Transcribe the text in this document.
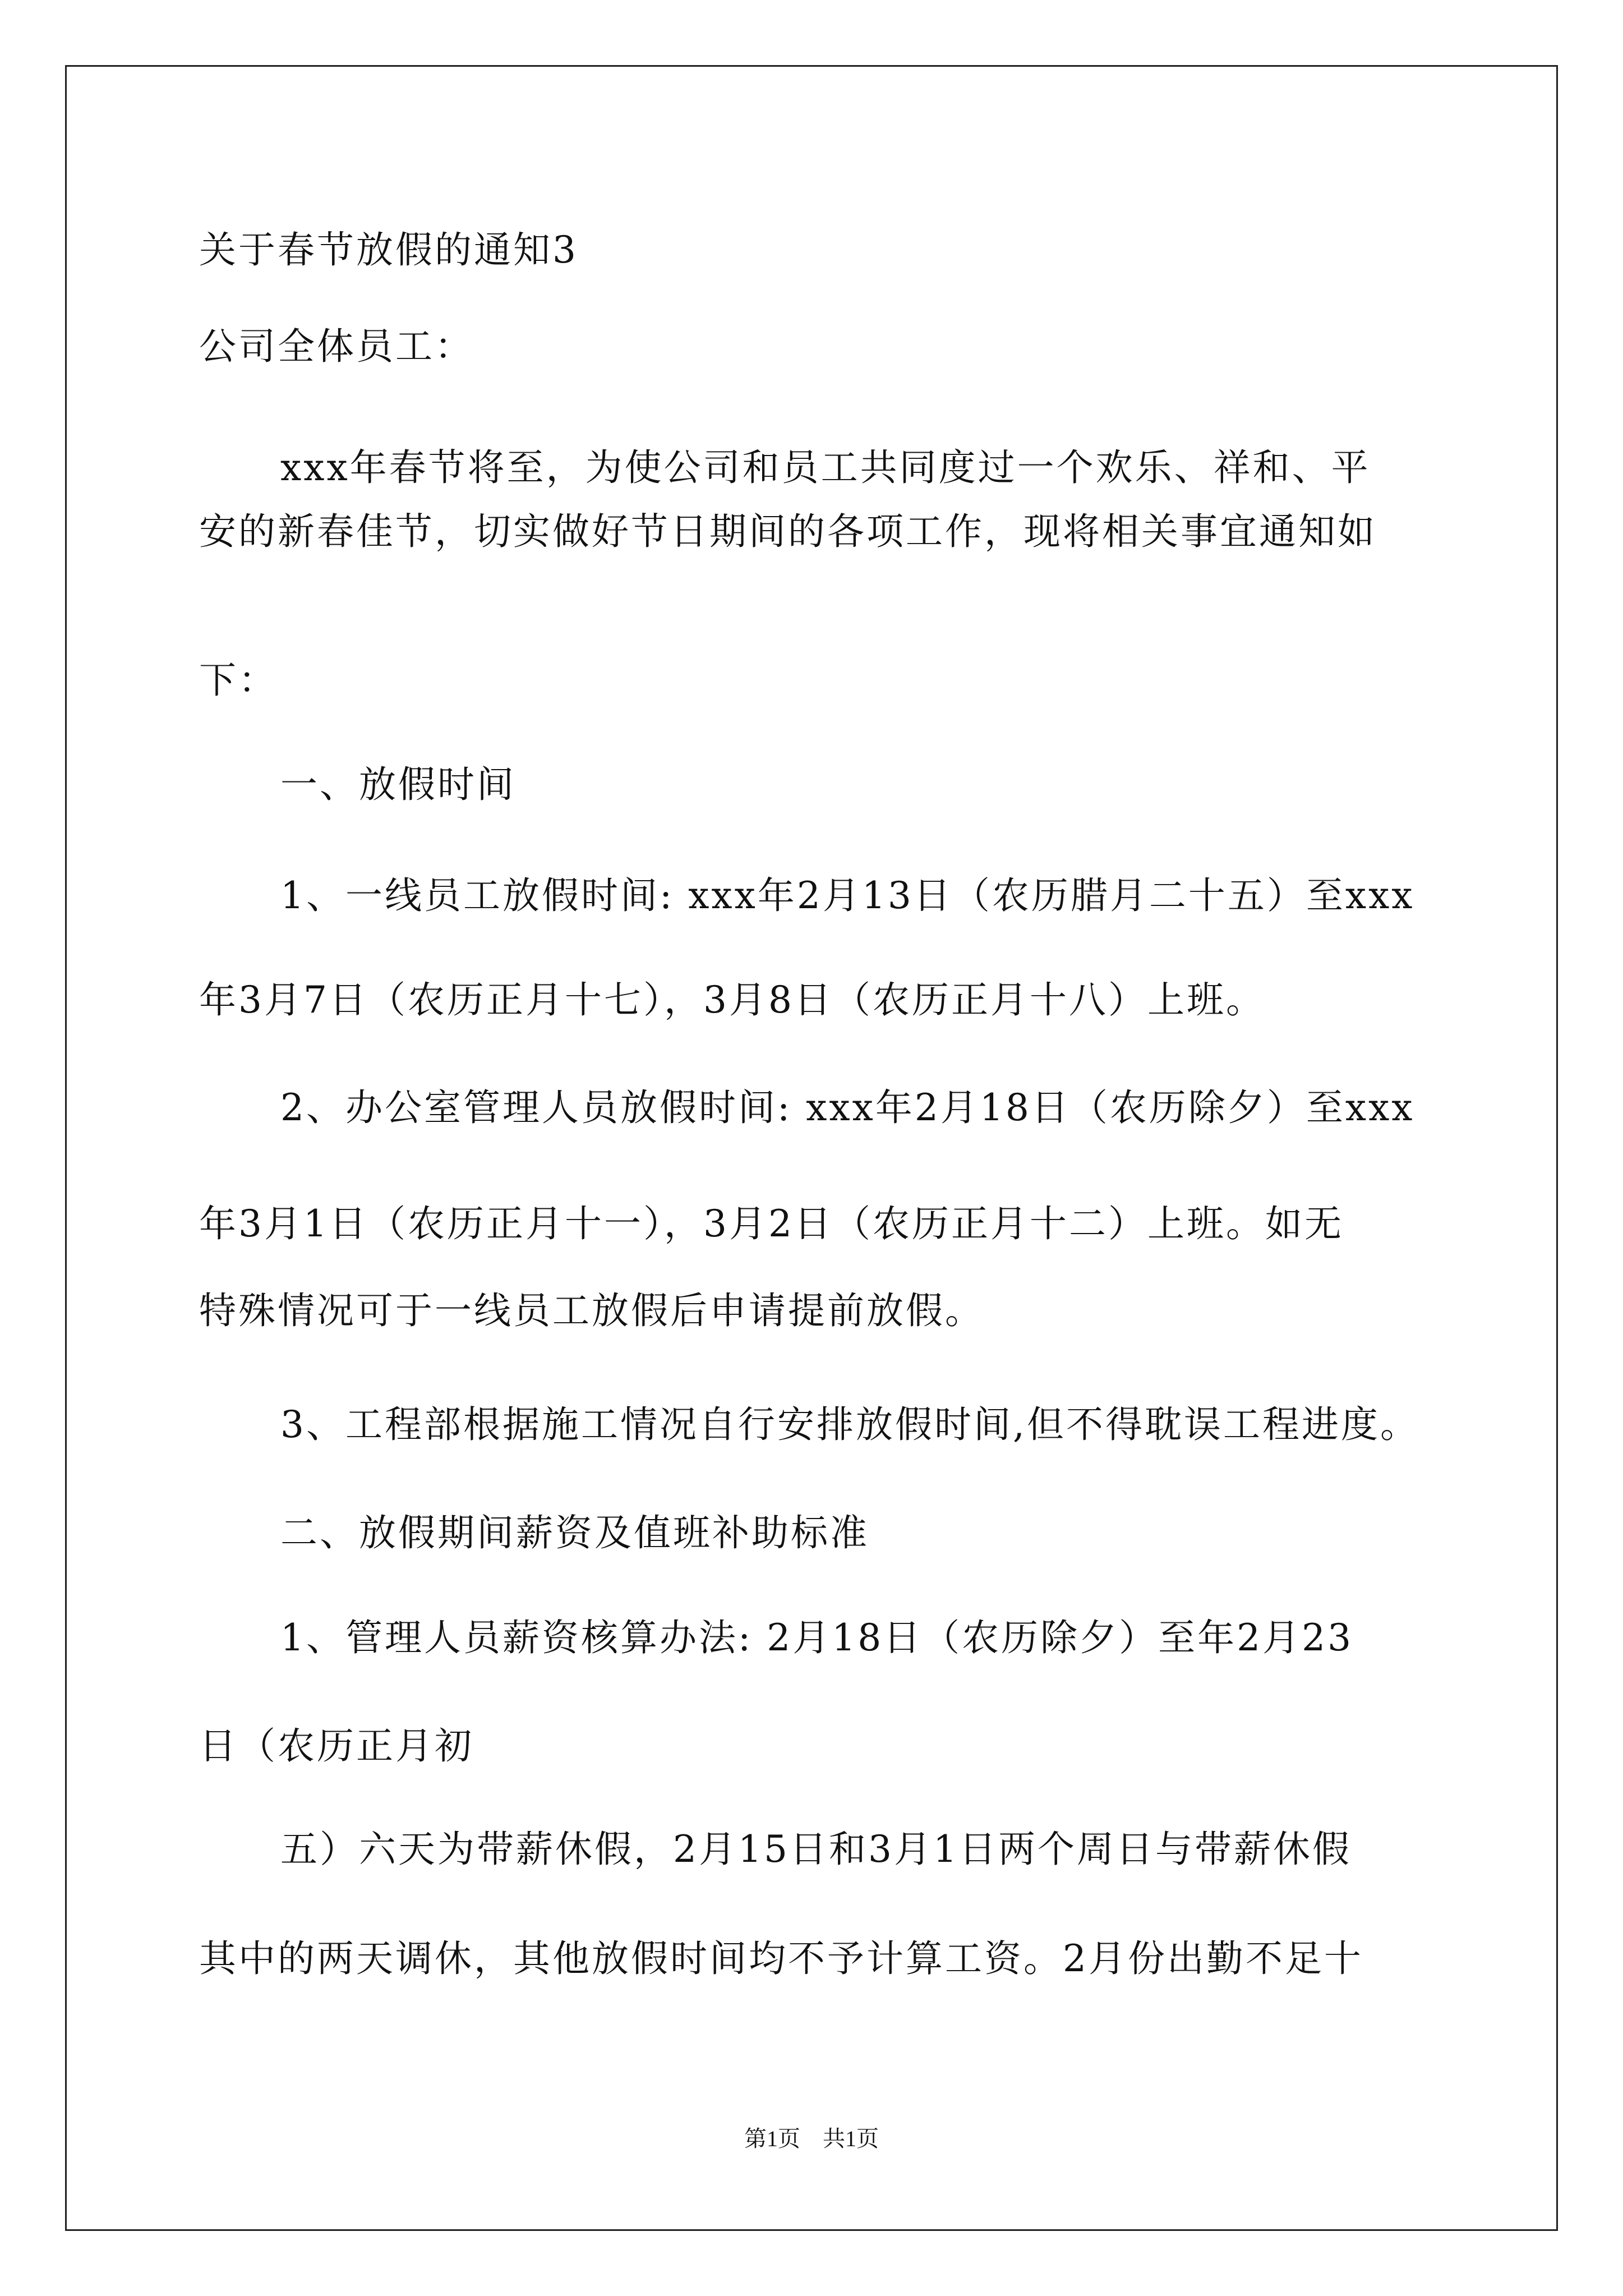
关于春节放假的通知3
公司全体员工：
xxx年春节将至，为使公司和员工共同度过一个欢乐、祥和、平
安的新春佳节，切实做好节日期间的各项工作，现将相关事宜通知如
下：
一、放假时间
1、一线员工放假时间: xxx年2月13日（农历腊月二十五）至xxx
年3月7日（农历正月十七），3月8日（农历正月十八）上班。
2、办公室管理人员放假时间: xxx年2月18日（农历除夕）至xxx
年3月1日（农历正月十一），3月2日（农历正月十二）上班。如无
特殊情况可于一线员工放假后申请提前放假。
3、工程部根据施工情况自行安排放假时间,但不得耽误工程进度。
二、放假期间薪资及值班补助标准
1、管理人员薪资核算办法: 2月18日（农历除夕）至年2月23
日（农历正月初
五）六天为带薪休假，2月15日和3月1日两个周日与带薪休假
其中的两天调休，其他放假时间均不予计算工资。2月份出勤不足十
第1页 共1页
